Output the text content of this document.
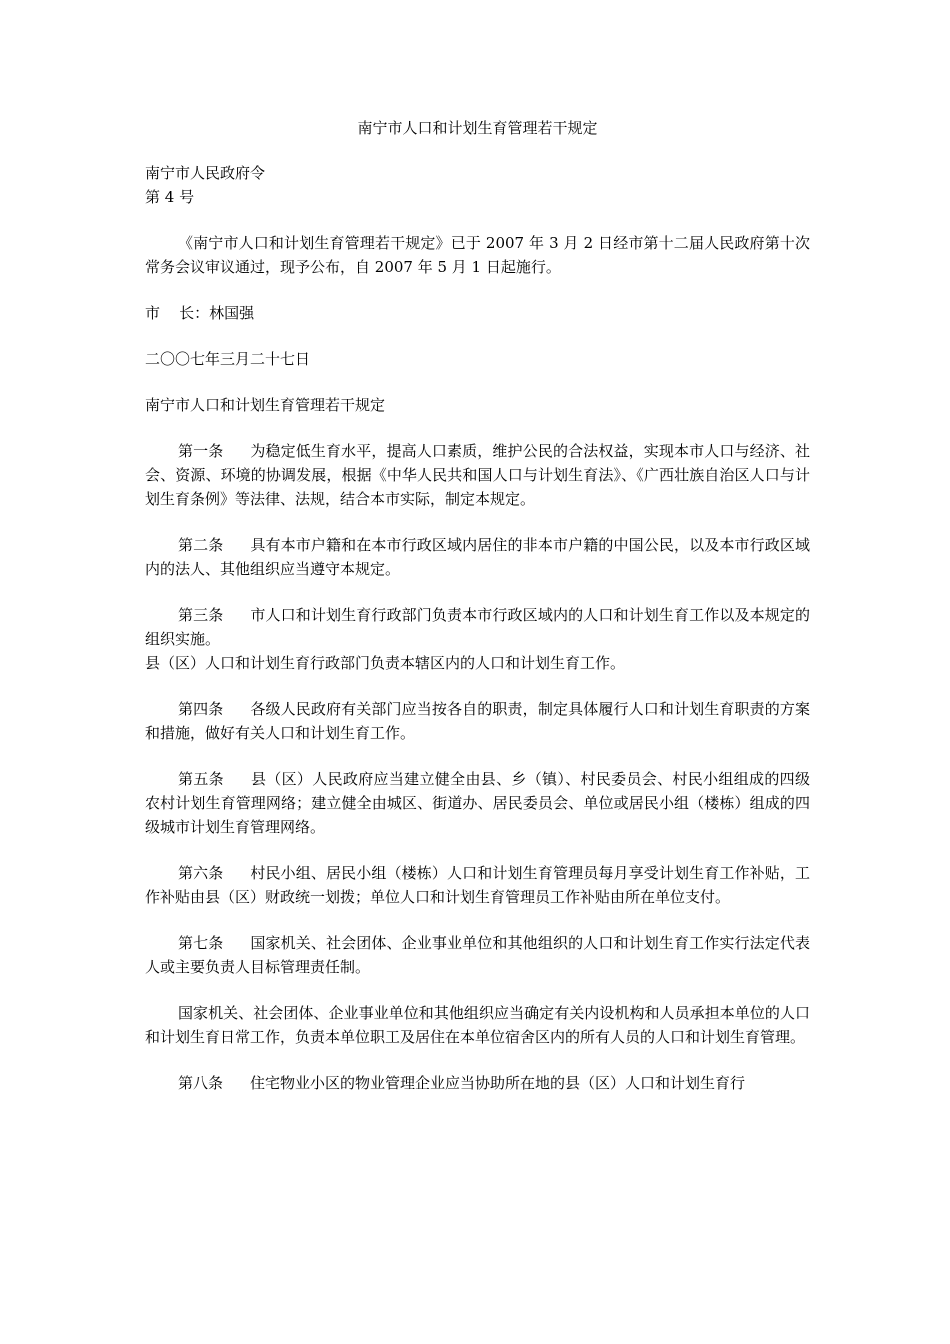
南宁市人口和计划生育管理若干规定

南宁市人民政府令

第 4 号

《南宁市人口和计划生育管理若干规定》已于 2007 年 3 月 2 日经市第十二届人民政府第十次常务会议审议通过，现予公布，自 2007 年 5 月 1 日起施行。

市    长：林国强

二〇〇七年三月二十七日

南宁市人口和计划生育管理若干规定

第一条 为稳定低生育水平，提高人口素质，维护公民的合法权益，实现本市人口与经济、社会、资源、环境的协调发展，根据《中华人民共和国人口与计划生育法》、《广西壮族自治区人口与计划生育条例》等法律、法规，结合本市实际，制定本规定。

第二条 具有本市户籍和在本市行政区域内居住的非本市户籍的中国公民，以及本市行政区域内的法人、其他组织应当遵守本规定。

第三条 市人口和计划生育行政部门负责本市行政区域内的人口和计划生育工作以及本规定的组织实施。

县（区）人口和计划生育行政部门负责本辖区内的人口和计划生育工作。

第四条 各级人民政府有关部门应当按各自的职责，制定具体履行人口和计划生育职责的方案和措施，做好有关人口和计划生育工作。

第五条 县（区）人民政府应当建立健全由县、乡（镇）、村民委员会、村民小组组成的四级农村计划生育管理网络；建立健全由城区、街道办、居民委员会、单位或居民小组（楼栋）组成的四级城市计划生育管理网络。

第六条 村民小组、居民小组（楼栋）人口和计划生育管理员每月享受计划生育工作补贴，工作补贴由县（区）财政统一划拨；单位人口和计划生育管理员工作补贴由所在单位支付。

第七条 国家机关、社会团体、企业事业单位和其他组织的人口和计划生育工作实行法定代表人或主要负责人目标管理责任制。

国家机关、社会团体、企业事业单位和其他组织应当确定有关内设机构和人员承担本单位的人口和计划生育日常工作，负责本单位职工及居住在本单位宿舍区内的所有人员的人口和计划生育管理。

第八条 住宅物业小区的物业管理企业应当协助所在地的县（区）人口和计划生育行
